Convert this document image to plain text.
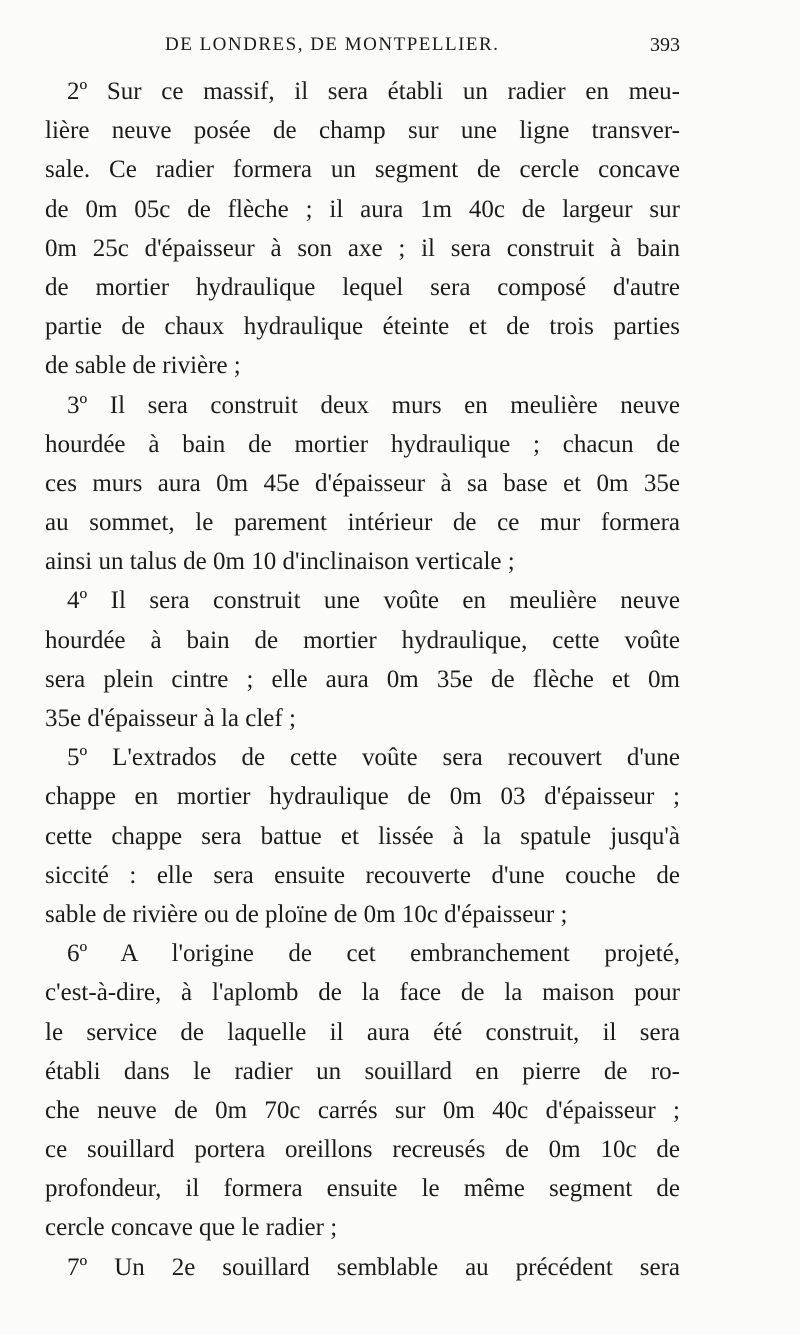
DE LONDRES, DE MONTPELLIER.	393
2º Sur ce massif, il sera établi un radier en meu-
lière neuve posée de champ sur une ligne transver-
sale. Ce radier formera un segment de cercle concave
de 0m 05c de flèche ; il aura 1m 40c de largeur sur
0m 25c d'épaisseur à son axe ; il sera construit à bain
de mortier hydraulique lequel sera composé d'autre
partie de chaux hydraulique éteinte et de trois parties
de sable de rivière ;
3º Il sera construit deux murs en meulière neuve
hourdée à bain de mortier hydraulique ; chacun de
ces murs aura 0m 45e d'épaisseur à sa base et 0m 35e
au sommet, le parement intérieur de ce mur formera
ainsi un talus de 0m 10 d'inclinaison verticale ;
4º Il sera construit une voûte en meulière neuve
hourdée à bain de mortier hydraulique, cette voûte
sera plein cintre ; elle aura 0m 35e de flèche et 0m
35e d'épaisseur à la clef ;
5º L'extrados de cette voûte sera recouvert d'une
chappe en mortier hydraulique de 0m 03 d'épaisseur ;
cette chappe sera battue et lissée à la spatule jusqu'à
siccité : elle sera ensuite recouverte d'une couche de
sable de rivière ou de ploïne de 0m 10c d'épaisseur ;
6º A l'origine de cet embranchement projeté,
c'est-à-dire, à l'aplomb de la face de la maison pour
le service de laquelle il aura été construit, il sera
établi dans le radier un souillard en pierre de ro-
che neuve de 0m 70c carrés sur 0m 40c d'épaisseur ;
ce souillard portera oreillons recreusés de 0m 10c de
profondeur, il formera ensuite le même segment de
cercle concave que le radier ;
7º Un 2e souillard semblable au précédent sera
